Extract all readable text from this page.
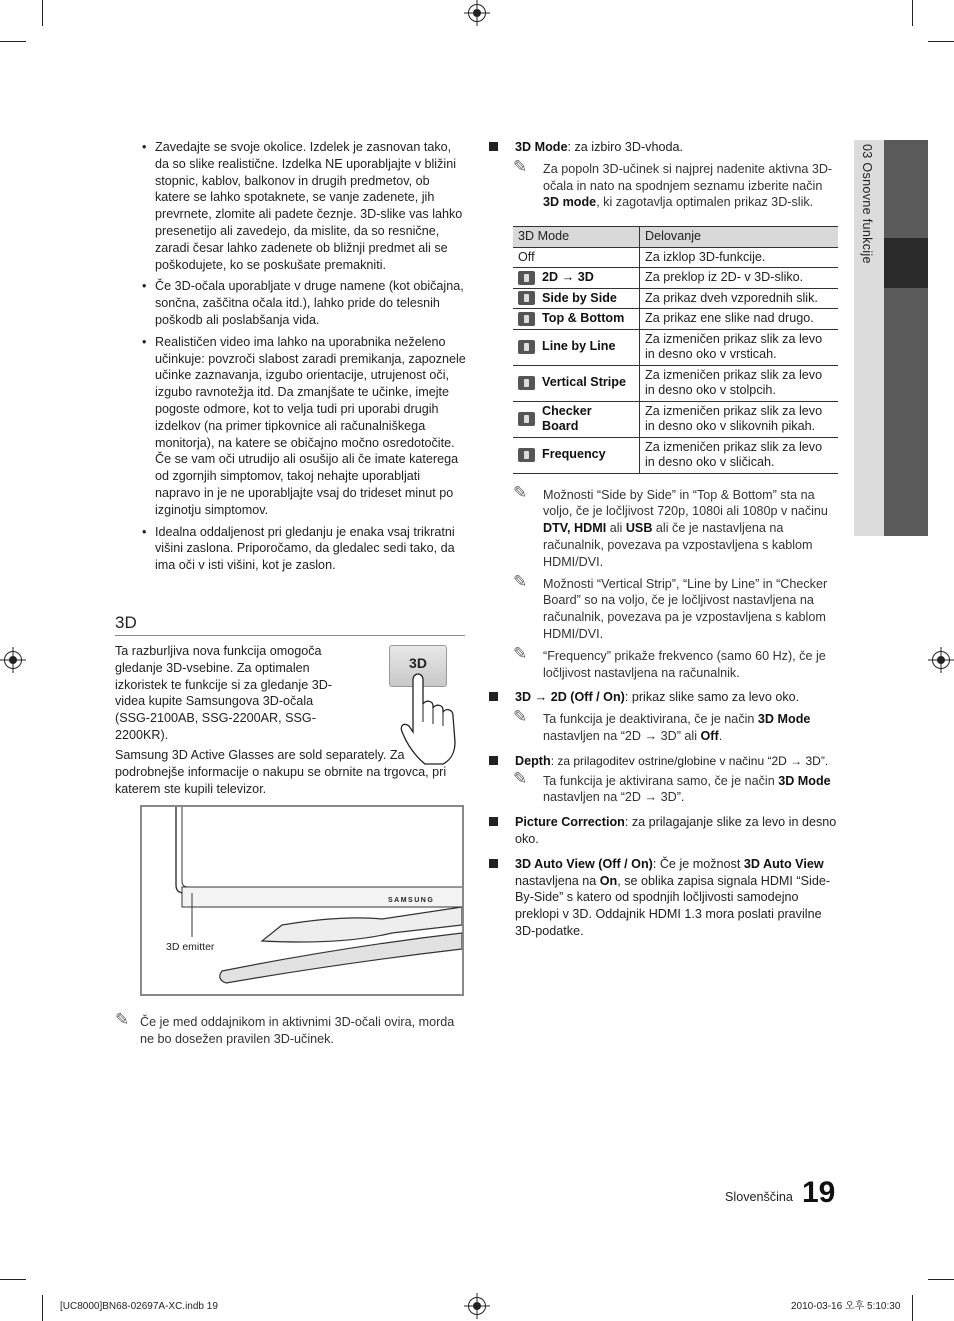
03 Osnovne funkcije
• Zavedajte se svoje okolice. Izdelek je zasnovan tako, da so slike realistične. Izdelka NE uporabljajte v bližini stopnic, kablov, balkonov in drugih predmetov, ob katere se lahko spotaknete, se vanje zadenete, jih prevrnete, zlomite ali padete čeznje. 3D-slike vas lahko presenetijo ali zavedejo, da mislite, da so resnične, zaradi česar lahko zadenete ob bližnji predmet ali se poškodujete, ko se poskušate premakniti.
• Če 3D-očala uporabljate v druge namene (kot običajna, sončna, zaščitna očala itd.), lahko pride do telesnih poškodb ali poslabšanja vida.
• Realističen video ima lahko na uporabnika neželeno učinkuje: povzroči slabost zaradi premikanja, zapoznele učinke zaznavanja, izgubo orientacije, utrujenost oči, izgubo ravnotežja itd. Da zmanjšate te učinke, imejte pogoste odmore, kot to velja tudi pri uporabi drugih izdelkov (na primer tipkovnice ali računalniškega monitorja), na katere se običajno močno osredotočite. Če se vam oči utrudijo ali osušijo ali če imate katerega od zgornjih simptomov, takoj nehajte uporabljati napravo in je ne uporabljajte vsaj do trideset minut po izginotju simptomov.
• Idealna oddaljenost pri gledanju je enaka vsaj trikratni višini zaslona. Priporočamo, da gledalec sedi tako, da ima oči v isti višini, kot je zaslon.
3D
Ta razburljiva nova funkcija omogoča gledanje 3D-vsebine. Za optimalen izkoristek te funkcije si za gledanje 3D-videa kupite Samsungova 3D-očala (SSG-2100AB, SSG-2200AR, SSG-2200KR).
Samsung 3D Active Glasses are sold separately. Za podrobnejše informacije o nakupu se obrnite na trgovca, pri katerem ste kupili televizor.
3D
SAMSUNG
3D emitter
✎ Če je med oddajnikom in aktivnimi 3D-očali ovira, morda ne bo dosežen pravilen 3D-učinek.
3D Mode: za izbiro 3D-vhoda.
✎ Za popoln 3D-učinek si najprej nadenite aktivna 3D-očala in nato na spodnjem seznamu izberite način 3D mode, ki zagotavlja optimalen prikaz 3D-slik.
3D Mode	Delovanje
Off	Za izklop 3D-funkcije.
2D → 3D	Za preklop iz 2D- v 3D-sliko.
Side by Side	Za prikaz dveh vzporednih slik.
Top & Bottom	Za prikaz ene slike nad drugo.
Line by Line	Za izmeničen prikaz slik za levo in desno oko v vrsticah.
Vertical Stripe	Za izmeničen prikaz slik za levo in desno oko v stolpcih.

Checker Board	Za izmeničen prikaz slik za levo in desno oko v slikovnih pikah.
Frequency	Za izmeničen prikaz slik za levo in desno oko v sličicah.
✎ Možnosti “Side by Side” in “Top & Bottom” sta na voljo, če je ločljivost 720p, 1080i ali 1080p v načinu DTV, HDMI ali USB ali če je nastavljena na računalnik, povezava pa vzpostavljena s kablom HDMI/DVI.
✎ Možnosti “Vertical Strip”, “Line by Line” in “Checker Board” so na voljo, če je ločljivost nastavljena na računalnik, povezava pa je vzpostavljena s kablom HDMI/DVI.
✎ “Frequency” prikaže frekvenco (samo 60 Hz), če je ločljivost nastavljena na računalnik.
3D → 2D (Off / On): prikaz slike samo za levo oko.
✎ Ta funkcija je deaktivirana, če je način 3D Mode nastavljen na “2D → 3D” ali Off.
Depth: za prilagoditev ostrine/globine v načinu “2D → 3D”.
✎ Ta funkcija je aktivirana samo, če je način 3D Mode nastavljen na “2D → 3D”.
Picture Correction: za prilagajanje slike za levo in desno oko.
3D Auto View (Off / On): Če je možnost 3D Auto View nastavljena na On, se oblika zapisa signala HDMI “Side-By-Side” s katero od spodnjih ločljivosti samodejno preklopi v 3D. Oddajnik HDMI 1.3 mora poslati pravilne 3D-podatke.
Slovenščina 19
[UC8000]BN68-02697A-XC.indb 19	2010-03-16 오후 5:10:30
